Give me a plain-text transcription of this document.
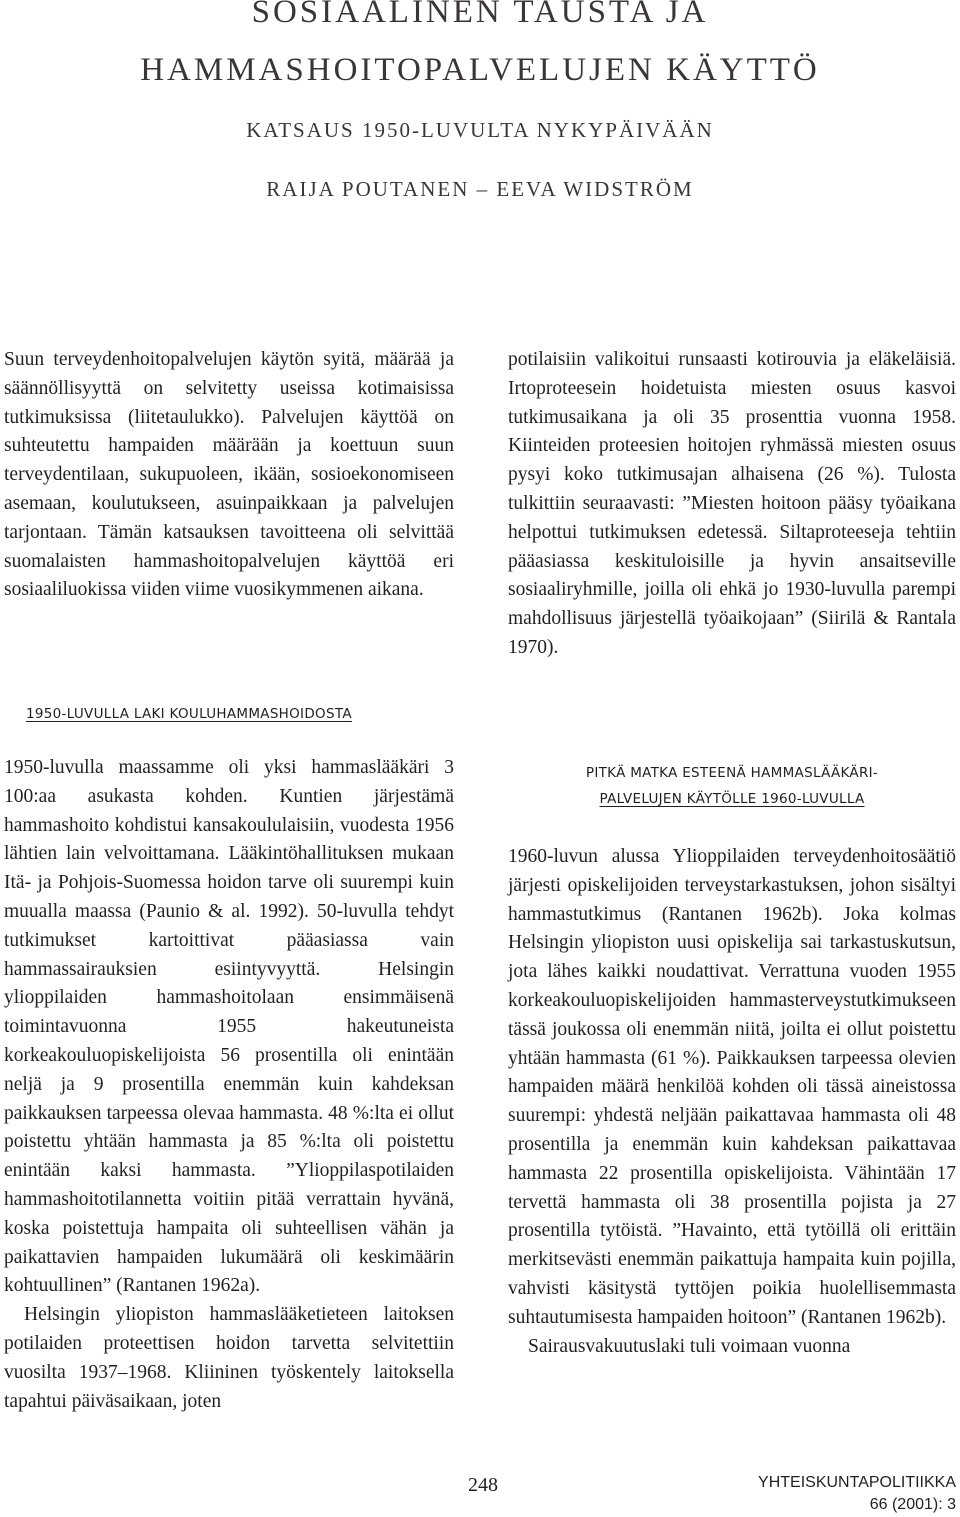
SOSIAALINEN TAUSTA JA
HAMMASHOITOPALVELUJEN KÄYTTÖ
KATSAUS 1950-LUVULTA NYKYPÄIVÄÄN
RAIJA POUTANEN – EEVA WIDSTRÖM

Suun terveydenhoitopalvelujen käytön syitä, määrää ja säännöllisyyttä on selvitetty useissa kotimaisissa tutkimuksissa (liitetaulukko). Palvelujen käyttöä on suhteutettu hampaiden määrään ja koettuun suun terveydentilaan, sukupuoleen, ikään, sosioekonomiseen asemaan, koulutukseen, asuinpaikkaan ja palvelujen tarjontaan. Tämän katsauksen tavoitteena oli selvittää suomalaisten hammashoitopalvelujen käyttöä eri sosiaaliluokissa viiden viime vuosikymmenen aikana.

1950-LUVULLA LAKI KOULUHAMMASHOIDOSTA

1950-luvulla maassamme oli yksi hammaslääkäri 3 100:aa asukasta kohden. Kuntien järjestämä hammashoito kohdistui kansakoululaisiin, vuodesta 1956 lähtien lain velvoittamana. Lääkintöhallituksen mukaan Itä- ja Pohjois-Suomessa hoidon tarve oli suurempi kuin muualla maassa (Paunio & al. 1992). 50-luvulla tehdyt tutkimukset kartoittivat pääasiassa vain hammassairauksien esiintyvyyttä. Helsingin ylioppilaiden hammashoitolaan ensimmäisenä toimintavuonna 1955 hakeutuneista korkeakouluopiskelijoista 56 prosentilla oli enintään neljä ja 9 prosentilla enemmän kuin kahdeksan paikkauksen tarpeessa olevaa hammasta. 48 %:lta ei ollut poistettu yhtään hammasta ja 85 %:lta oli poistettu enintään kaksi hammasta. ”Ylioppilaspotilaiden hammashoitotilannetta voitiin pitää verrattain hyvänä, koska poistettuja hampaita oli suhteellisen vähän ja paikattavien hampaiden lukumäärä oli keskimäärin kohtuullinen” (Rantanen 1962a).

Helsingin yliopiston hammaslääketieteen laitoksen potilaiden proteettisen hoidon tarvetta selvitettiin vuosilta 1937–1968. Kliininen työskentely laitoksella tapahtui päiväsaikaan, joten

potilaisiin valikoitui runsaasti kotirouvia ja eläkeläisiä. Irtoproteesein hoidetuista miesten osuus kasvoi tutkimusaikana ja oli 35 prosenttia vuonna 1958. Kiinteiden proteesien hoitojen ryhmässä miesten osuus pysyi koko tutkimusajan alhaisena (26 %). Tulosta tulkittiin seuraavasti: ”Miesten hoitoon pääsy työaikana helpottui tutkimuksen edetessä. Siltaproteeseja tehtiin pääasiassa keskituloisille ja hyvin ansaitseville sosiaaliryhmille, joilla oli ehkä jo 1930-luvulla parempi mahdollisuus järjestellä työaikojaan” (Siirilä & Rantala 1970).

PITKÄ MATKA ESTEENÄ HAMMASLÄÄKÄRI-
PALVELUJEN KÄYTÖLLE 1960-LUVULLA

1960-luvun alussa Ylioppilaiden terveydenhoitosäätiö järjesti opiskelijoiden terveystarkastuksen, johon sisältyi hammastutkimus (Rantanen 1962b). Joka kolmas Helsingin yliopiston uusi opiskelija sai tarkastuskutsun, jota lähes kaikki noudattivat. Verrattuna vuoden 1955 korkeakouluopiskelijoiden hammasterveystutkimukseen tässä joukossa oli enemmän niitä, joilta ei ollut poistettu yhtään hammasta (61 %). Paikkauksen tarpeessa olevien hampaiden määrä henkilöä kohden oli tässä aineistossa suurempi: yhdestä neljään paikattavaa hammasta oli 48 prosentilla ja enemmän kuin kahdeksan paikattavaa hammasta 22 prosentilla opiskelijoista. Vähintään 17 tervettä hammasta oli 38 prosentilla pojista ja 27 prosentilla tytöistä. ”Havainto, että tytöillä oli erittäin merkitsevästi enemmän paikattuja hampaita kuin pojilla, vahvisti käsitystä tyttöjen poikia huolellisemmasta suhtautumisesta hampaiden hoitoon” (Rantanen 1962b).

Sairausvakuutuslaki tuli voimaan vuonna

248	YHTEISKUNTAPOLITIIKKA
66 (2001): 3
